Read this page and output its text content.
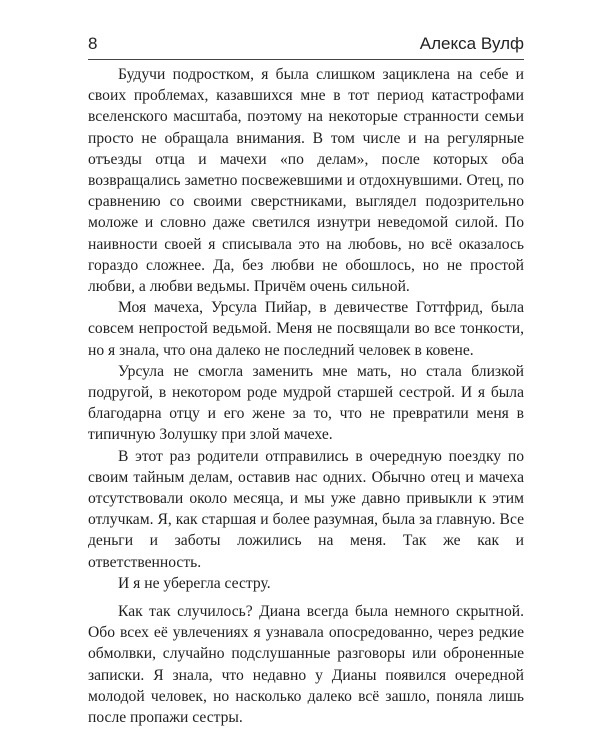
8	Алекса Вулф

Будучи подростком, я была слишком зациклена на себе и своих проблемах, казавшихся мне в тот период катастрофами вселенского масштаба, поэтому на некоторые странности семьи просто не обращала внимания. В том числе и на регулярные отъезды отца и мачехи «по делам», после которых оба возвращались заметно посвежевшими и отдохнувшими. Отец, по сравнению со своими сверстниками, выглядел подозрительно моложе и словно даже светился изнутри неведомой силой. По наивности своей я списывала это на любовь, но всё оказалось гораздо сложнее. Да, без любви не обошлось, но не простой любви, а любви ведьмы. Причём очень сильной.

Моя мачеха, Урсула Пийар, в девичестве Готтфрид, была совсем непростой ведьмой. Меня не посвящали во все тонкости, но я знала, что она далеко не последний человек в ковене.

Урсула не смогла заменить мне мать, но стала близкой подругой, в некотором роде мудрой старшей сестрой. И я была благодарна отцу и его жене за то, что не превратили меня в типичную Золушку при злой мачехе.

В этот раз родители отправились в очередную поездку по своим тайным делам, оставив нас одних. Обычно отец и мачеха отсутствовали около месяца, и мы уже давно привыкли к этим отлучкам. Я, как старшая и более разумная, была за главную. Все деньги и заботы ложились на меня. Так же как и ответственность.

И я не уберегла сестру.

Как так случилось? Диана всегда была немного скрытной. Обо всех её увлечениях я узнавала опосредованно, через редкие обмолвки, случайно подслушанные разговоры или оброненные записки. Я знала, что недавно у Дианы появился очередной молодой человек, но насколько далеко всё зашло, поняла лишь после пропажи сестры.
